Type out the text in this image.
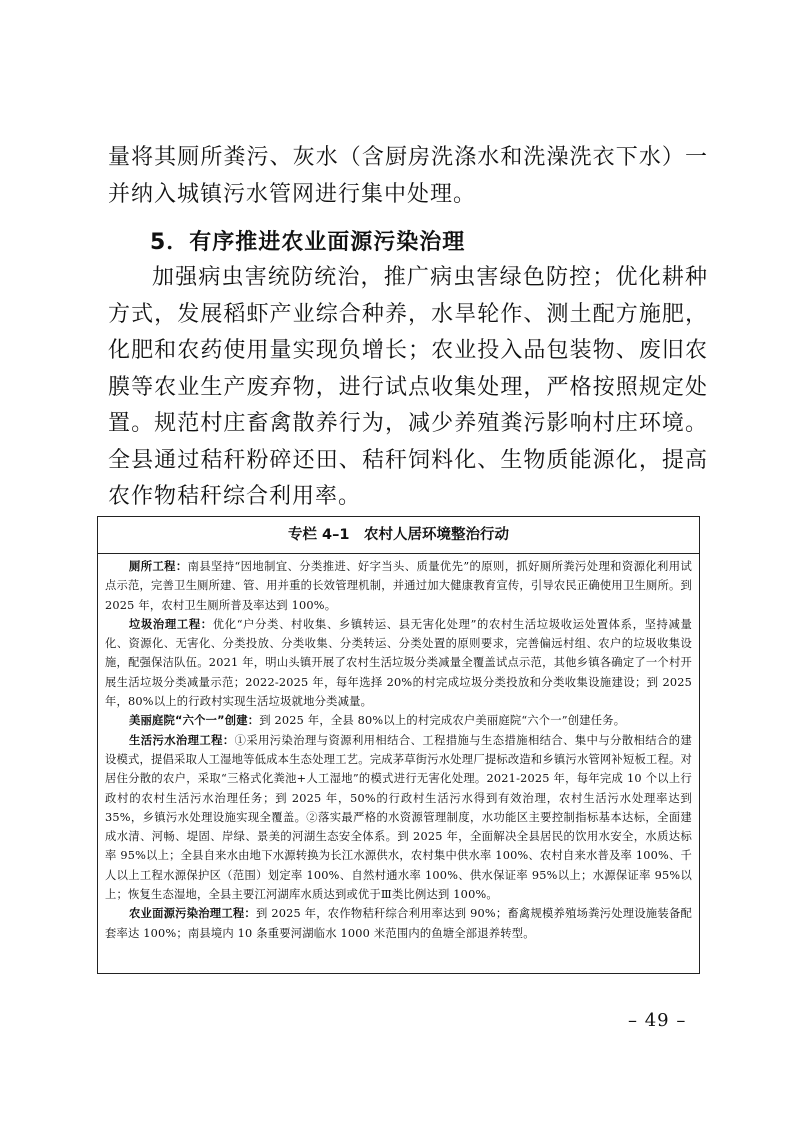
量将其厕所粪污、灰水（含厨房洗涤水和洗澡洗衣下水）一并纳入城镇污水管网进行集中处理。

5．有序推进农业面源污染治理

加强病虫害统防统治，推广病虫害绿色防控；优化耕种方式，发展稻虾产业综合种养，水旱轮作、测土配方施肥，化肥和农药使用量实现负增长；农业投入品包装物、废旧农膜等农业生产废弃物，进行试点收集处理，严格按照规定处置。规范村庄畜禽散养行为，减少养殖粪污影响村庄环境。全县通过秸秆粉碎还田、秸秆饲料化、生物质能源化，提高农作物秸秆综合利用率。

专栏 4–1　农村人居环境整治行动

厕所工程：南县坚持“因地制宜、分类推进、好字当头、质量优先”的原则，抓好厕所粪污处理和资源化利用试点示范，完善卫生厕所建、管、用并重的长效管理机制，并通过加大健康教育宣传，引导农民正确使用卫生厕所。到 2025 年，农村卫生厕所普及率达到 100%。

垃圾治理工程：优化“户分类、村收集、乡镇转运、县无害化处理”的农村生活垃圾收运处置体系，坚持减量化、资源化、无害化、分类投放、分类收集、分类转运、分类处置的原则要求，完善偏远村组、农户的垃圾收集设施，配强保洁队伍。2021 年，明山头镇开展了农村生活垃圾分类减量全覆盖试点示范，其他乡镇各确定了一个村开展生活垃圾分类减量示范；2022-2025 年，每年选择 20%的村完成垃圾分类投放和分类收集设施建设；到 2025 年，80%以上的行政村实现生活垃圾就地分类减量。

美丽庭院“六个一”创建：到 2025 年，全县 80%以上的村完成农户美丽庭院“六个一”创建任务。

生活污水治理工程：①采用污染治理与资源利用相结合、工程措施与生态措施相结合、集中与分散相结合的建设模式，提倡采取人工湿地等低成本生态处理工艺。完成茅草街污水处理厂提标改造和乡镇污水管网补短板工程。对居住分散的农户，采取“三格式化粪池+人工湿地”的模式进行无害化处理。2021-2025 年，每年完成 10 个以上行政村的农村生活污水治理任务；到 2025 年，50%的行政村生活污水得到有效治理，农村生活污水处理率达到 35%，乡镇污水处理设施实现全覆盖。②落实最严格的水资源管理制度，水功能区主要控制指标基本达标，全面建成水清、河畅、堤固、岸绿、景美的河湖生态安全体系。到 2025 年，全面解决全县居民的饮用水安全，水质达标率 95%以上；全县自来水由地下水源转换为长江水源供水，农村集中供水率 100%、农村自来水普及率 100%、千人以上工程水源保护区（范围）划定率 100%、自然村通水率 100%、供水保证率 95%以上；水源保证率 95%以上；恢复生态湿地，全县主要江河湖库水质达到或优于Ⅲ类比例达到 100%。

农业面源污染治理工程：到 2025 年，农作物秸秆综合利用率达到 90%；畜禽规模养殖场粪污处理设施装备配套率达 100%；南县境内 10 条重要河湖临水 1000 米范围内的鱼塘全部退养转型。

– 49 –
